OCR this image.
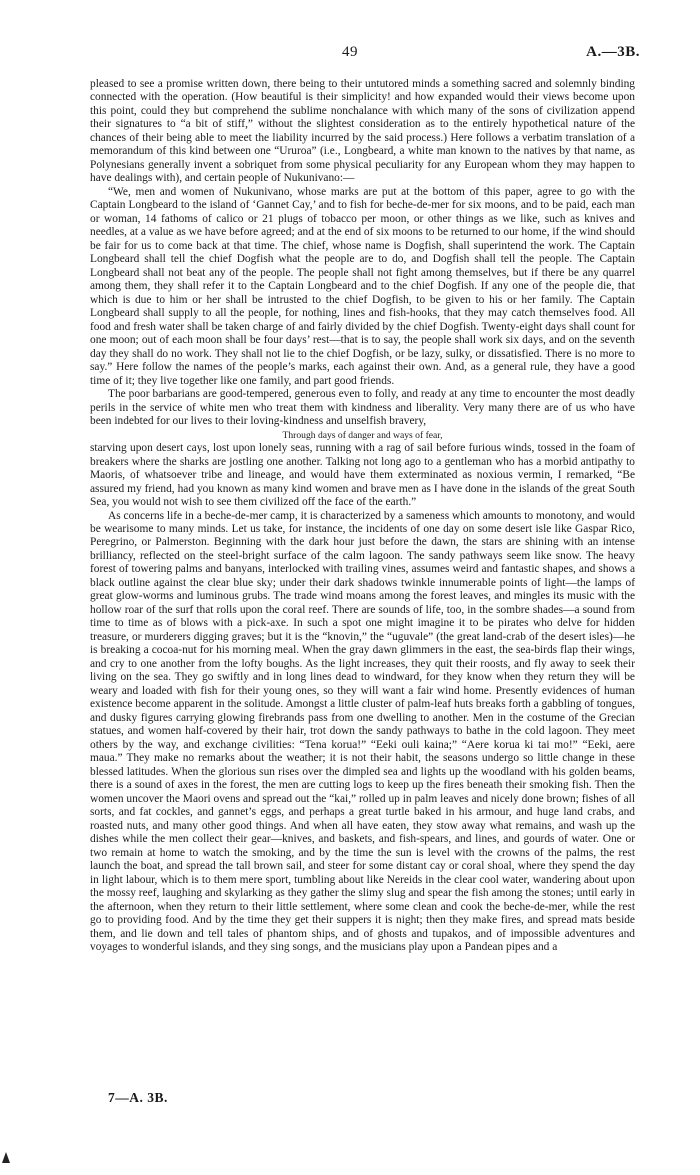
49	A.—3B.

pleased to see a promise written down, there being to their untutored minds a something sacred and solemnly binding connected with the operation. (How beautiful is their simplicity! and how expanded would their views become upon this point, could they but comprehend the sublime nonchalance with which many of the sons of civilization append their signatures to “a bit of stiff,” without the slightest consideration as to the entirely hypothetical nature of the chances of their being able to meet the liability incurred by the said process.) Here follows a verbatim translation of a memorandum of this kind between one “Ururoa” (i.e., Longbeard, a white man known to the natives by that name, as Polynesians generally invent a sobriquet from some physical peculiarity for any European whom they may happen to have dealings with), and certain people of Nukunivano:—

“We, men and women of Nukunivano, whose marks are put at the bottom of this paper, agree to go with the Captain Longbeard to the island of ‘Gannet Cay,’ and to fish for beche-de-mer for six moons, and to be paid, each man or woman, 14 fathoms of calico or 21 plugs of tobacco per moon, or other things as we like, such as knives and needles, at a value as we have before agreed; and at the end of six moons to be returned to our home, if the wind should be fair for us to come back at that time. The chief, whose name is Dogfish, shall superintend the work. The Captain Longbeard shall tell the chief Dogfish what the people are to do, and Dogfish shall tell the people. The Captain Longbeard shall not beat any of the people. The people shall not fight among themselves, but if there be any quarrel among them, they shall refer it to the Captain Longbeard and to the chief Dogfish. If any one of the people die, that which is due to him or her shall be intrusted to the chief Dogfish, to be given to his or her family. The Captain Longbeard shall supply to all the people, for nothing, lines and fish-hooks, that they may catch themselves food. All food and fresh water shall be taken charge of and fairly divided by the chief Dogfish. Twenty-eight days shall count for one moon; out of each moon shall be four days’ rest—that is to say, the people shall work six days, and on the seventh day they shall do no work. They shall not lie to the chief Dogfish, or be lazy, sulky, or dissatisfied. There is no more to say.” Here follow the names of the people’s marks, each against their own. And, as a general rule, they have a good time of it; they live together like one family, and part good friends.

The poor barbarians are good-tempered, generous even to folly, and ready at any time to encounter the most deadly perils in the service of white men who treat them with kindness and liberality. Very many there are of us who have been indebted for our lives to their loving-kindness and unselfish bravery,

Through days of danger and ways of fear,

starving upon desert cays, lost upon lonely seas, running with a rag of sail before furious winds, tossed in the foam of breakers where the sharks are jostling one another. Talking not long ago to a gentleman who has a morbid antipathy to Maoris, of whatsoever tribe and lineage, and would have them exterminated as noxious vermin, I remarked, “Be assured my friend, had you known as many kind women and brave men as I have done in the islands of the great South Sea, you would not wish to see them civilized off the face of the earth.”

As concerns life in a beche-de-mer camp, it is characterized by a sameness which amounts to monotony, and would be wearisome to many minds. Let us take, for instance, the incidents of one day on some desert isle like Gaspar Rico, Peregrino, or Palmerston. Beginning with the dark hour just before the dawn, the stars are shining with an intense brilliancy, reflected on the steel-bright surface of the calm lagoon. The sandy pathways seem like snow. The heavy forest of towering palms and banyans, interlocked with trailing vines, assumes weird and fantastic shapes, and shows a black outline against the clear blue sky; under their dark shadows twinkle innumerable points of light—the lamps of great glow-worms and luminous grubs. The trade wind moans among the forest leaves, and mingles its music with the hollow roar of the surf that rolls upon the coral reef. There are sounds of life, too, in the sombre shades—a sound from time to time as of blows with a pick-axe. In such a spot one might imagine it to be pirates who delve for hidden treasure, or murderers digging graves; but it is the “knovin,” the “uguvale” (the great land-crab of the desert isles)—he is breaking a cocoa-nut for his morning meal. When the gray dawn glimmers in the east, the sea-birds flap their wings, and cry to one another from the lofty boughs. As the light increases, they quit their roosts, and fly away to seek their living on the sea. They go swiftly and in long lines dead to windward, for they know when they return they will be weary and loaded with fish for their young ones, so they will want a fair wind home. Presently evidences of human existence become apparent in the solitude. Amongst a little cluster of palm-leaf huts breaks forth a gabbling of tongues, and dusky figures carrying glowing firebrands pass from one dwelling to another. Men in the costume of the Grecian statues, and women half-covered by their hair, trot down the sandy pathways to bathe in the cold lagoon. They meet others by the way, and exchange civilities: “Tena korua!” “Eeki ouli kaina;” “Aere korua ki tai mo!” “Eeki, aere maua.” They make no remarks about the weather; it is not their habit, the seasons undergo so little change in these blessed latitudes. When the glorious sun rises over the dimpled sea and lights up the woodland with his golden beams, there is a sound of axes in the forest, the men are cutting logs to keep up the fires beneath their smoking fish. Then the women uncover the Maori ovens and spread out the “kai,” rolled up in palm leaves and nicely done brown; fishes of all sorts, and fat cockles, and gannet’s eggs, and perhaps a great turtle baked in his armour, and huge land crabs, and roasted nuts, and many other good things. And when all have eaten, they stow away what remains, and wash up the dishes while the men collect their gear—knives, and baskets, and fish-spears, and lines, and gourds of water. One or two remain at home to watch the smoking, and by the time the sun is level with the crowns of the palms, the rest launch the boat, and spread the tall brown sail, and steer for some distant cay or coral shoal, where they spend the day in light labour, which is to them mere sport, tumbling about like Nereids in the clear cool water, wandering about upon the mossy reef, laughing and skylarking as they gather the slimy slug and spear the fish among the stones; until early in the afternoon, when they return to their little settlement, where some clean and cook the beche-de-mer, while the rest go to providing food. And by the time they get their suppers it is night; then they make fires, and spread mats beside them, and lie down and tell tales of phantom ships, and of ghosts and tupakos, and of impossible adventures and voyages to wonderful islands, and they sing songs, and the musicians play upon a Pandean pipes and a

7—A. 3B.
